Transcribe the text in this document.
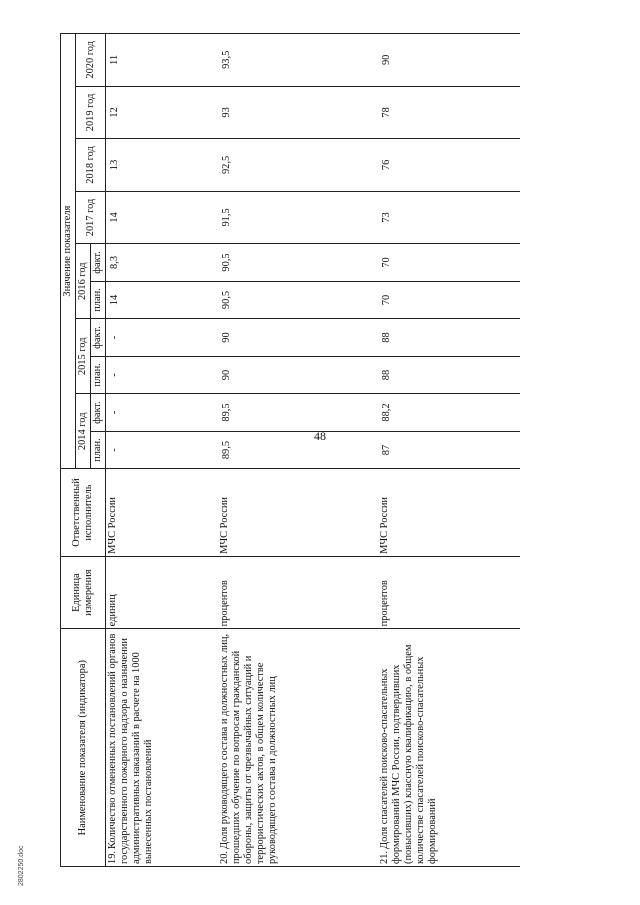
48
2802250.doc
Наименование показателя (индикатора)	Единица измерения	Ответственный исполнитель	Значение показателя									
			2014 год		2015 год		2016 год		2017 год	2018 год	2019 год	2020 год
			план.	факт.	план.	факт.	план.	факт.				
19.Количество отмененных постановлений органов государственного пожарного надзора о назначении административных наказаний в расчете на 1000 вынесенных постановлений	единиц	МЧС России	-	-	-	-	14	8,3	14	13	12	11
20.Доля руководящего состава и должностных лиц, прошедших обучение по вопросам гражданской обороны, защиты от чрезвычайных ситуаций и террористических актов, в общем количестве руководящего состава и должностных лиц	процентов	МЧС России	89,5	89,5	90	90	90,5	90,5	91,5	92,5	93	93,5
21.Доля спасателей поисково-спасательных формирований МЧС России, подтвердивших (повысивших) классную квалификацию, в общем количестве спасателей поисково-спасательных формирований	процентов	МЧС России	87	88,2	88	88	70	70	73	76	78	90
